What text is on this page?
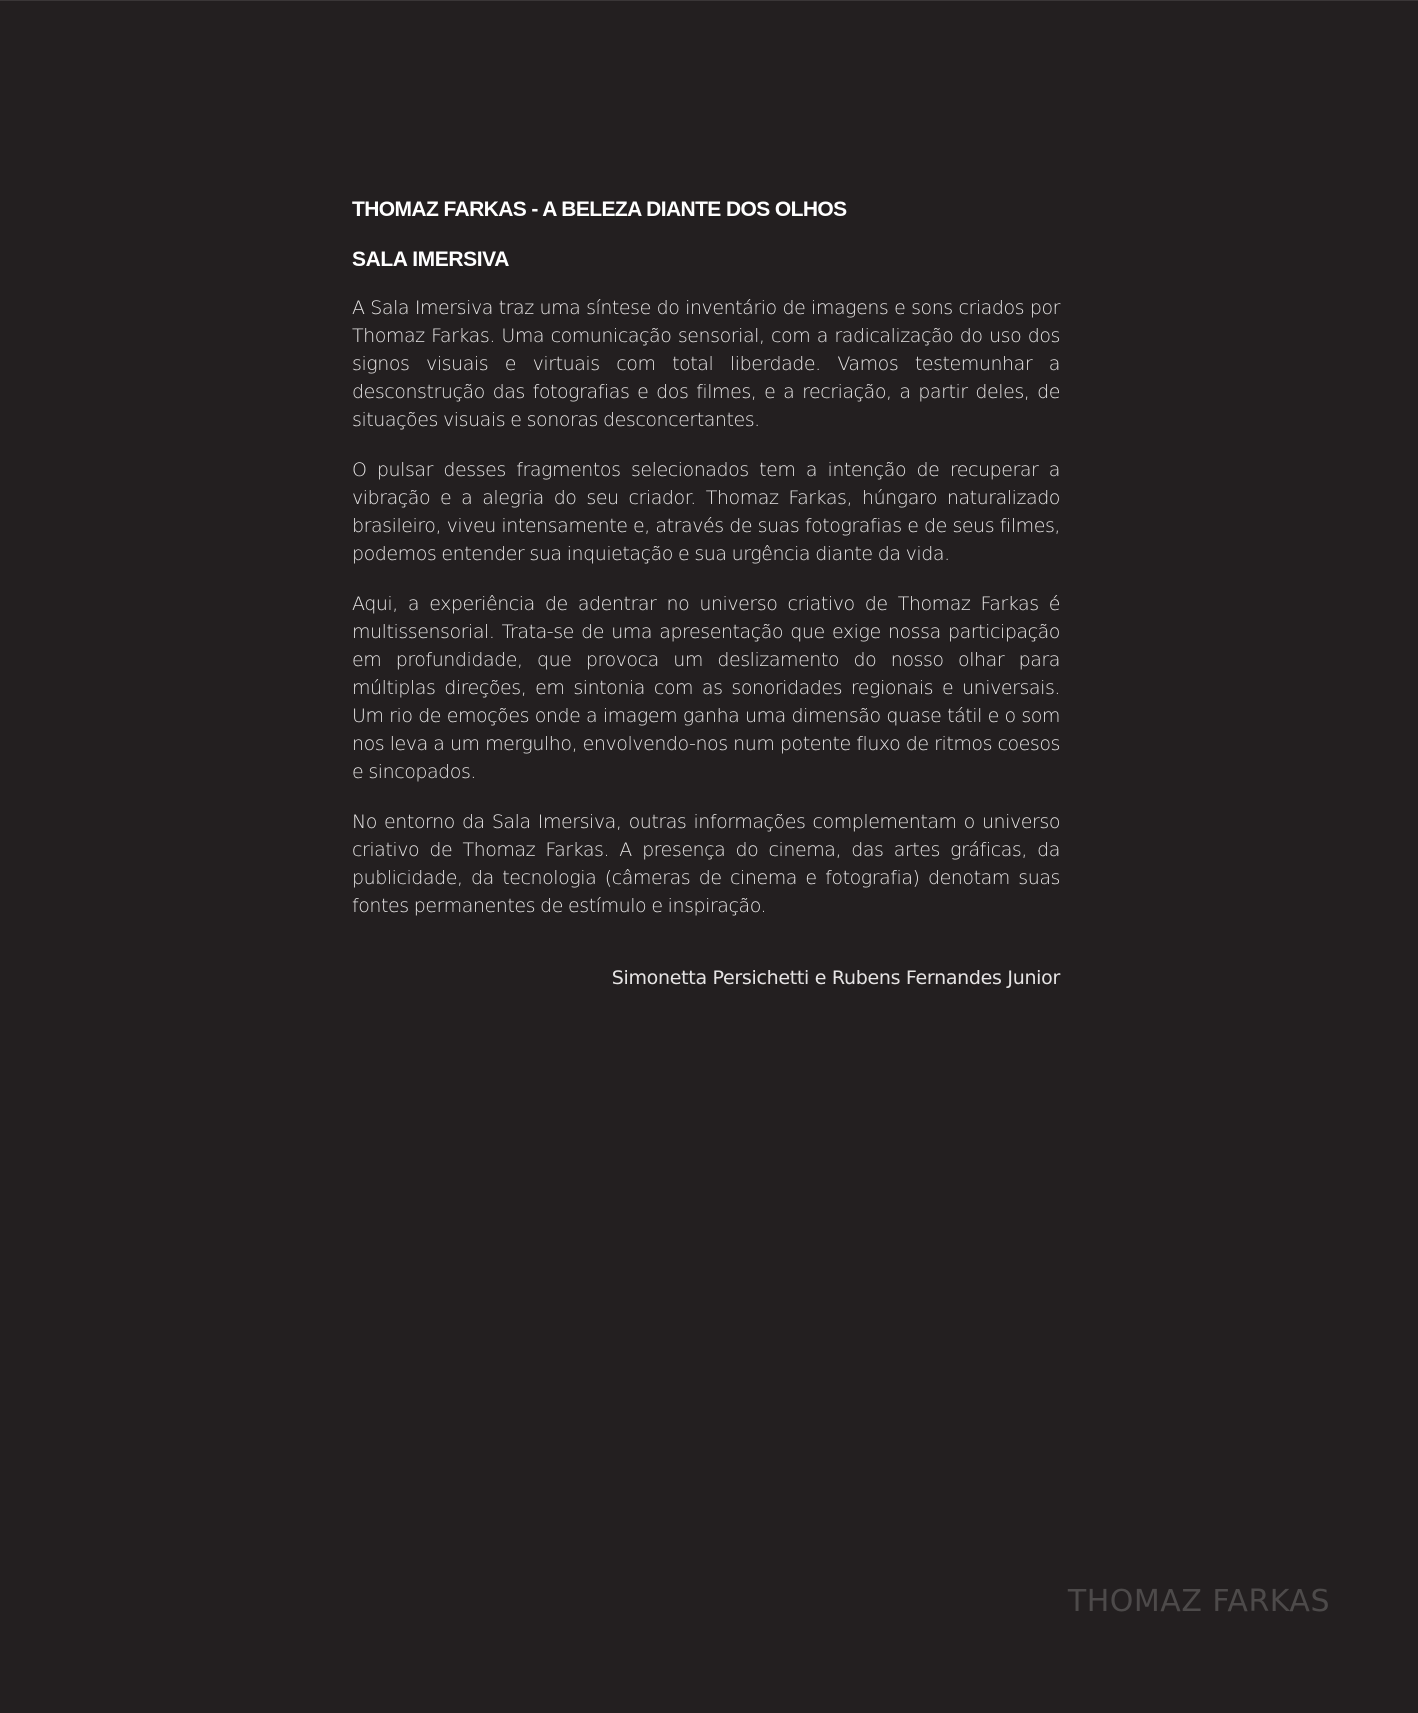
THOMAZ FARKAS - A BELEZA DIANTE DOS OLHOS
SALA IMERSIVA

A Sala Imersiva traz uma síntese do inventário de imagens e sons criados por Thomaz Farkas. Uma comunicação sensorial, com a radicalização do uso dos signos visuais e virtuais com total liberdade. Vamos testemunhar a desconstrução das fotografias e dos filmes, e a recriação, a partir deles, de situações visuais e sonoras desconcertantes.

O pulsar desses fragmentos selecionados tem a intenção de recuperar a vibração e a alegria do seu criador. Thomaz Farkas, húngaro naturalizado brasileiro, viveu intensamente e, através de suas fotografias e de seus filmes, podemos entender sua inquietação e sua urgência diante da vida.

Aqui, a experiência de adentrar no universo criativo de Thomaz Farkas é multissensorial. Trata-se de uma apresentação que exige nossa participação em profundidade, que provoca um deslizamento do nosso olhar para múltiplas direções, em sintonia com as sonoridades regionais e universais. Um rio de emoções onde a imagem ganha uma dimensão quase tátil e o som nos leva a um mergulho, envolvendo-nos num potente fluxo de ritmos coesos e sincopados.

No entorno da Sala Imersiva, outras informações complementam o universo criativo de Thomaz Farkas. A presença do cinema, das artes gráficas, da publicidade, da tecnologia (câmeras de cinema e fotografia) denotam suas fontes permanentes de estímulo e inspiração.

Simonetta Persichetti e Rubens Fernandes Junior
THOMAZ FARKAS
